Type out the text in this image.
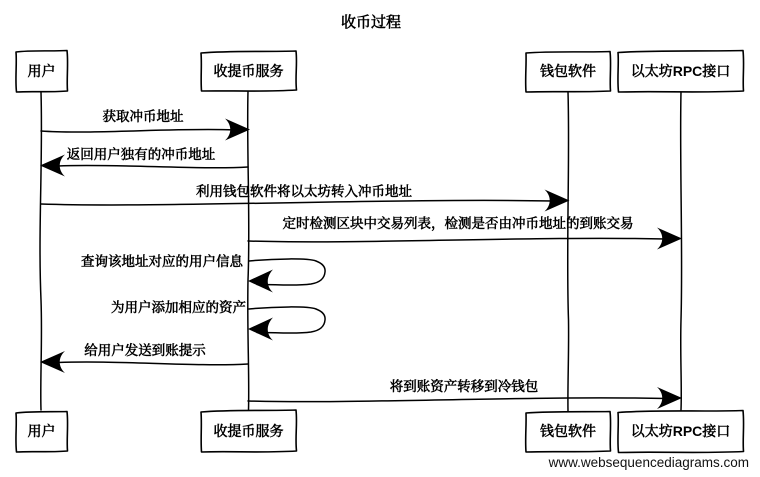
收币过程
用户	收提币服务	钱包软件 以太坊RPC接口
获取冲币地址
返回用户独有的冲币地址
利用钱包软件将以太坊转入冲币地址
定时检测区块中交易列表，检测是否由冲币地址的到账交易
查询该地址对应的用户信息
为用户添加相应的资产
给用户发送到账提示
将到账资产转移到冷钱包
用户	收提币服务	钱包软件 以太坊RPC接口
www.websequencediagrams.com
